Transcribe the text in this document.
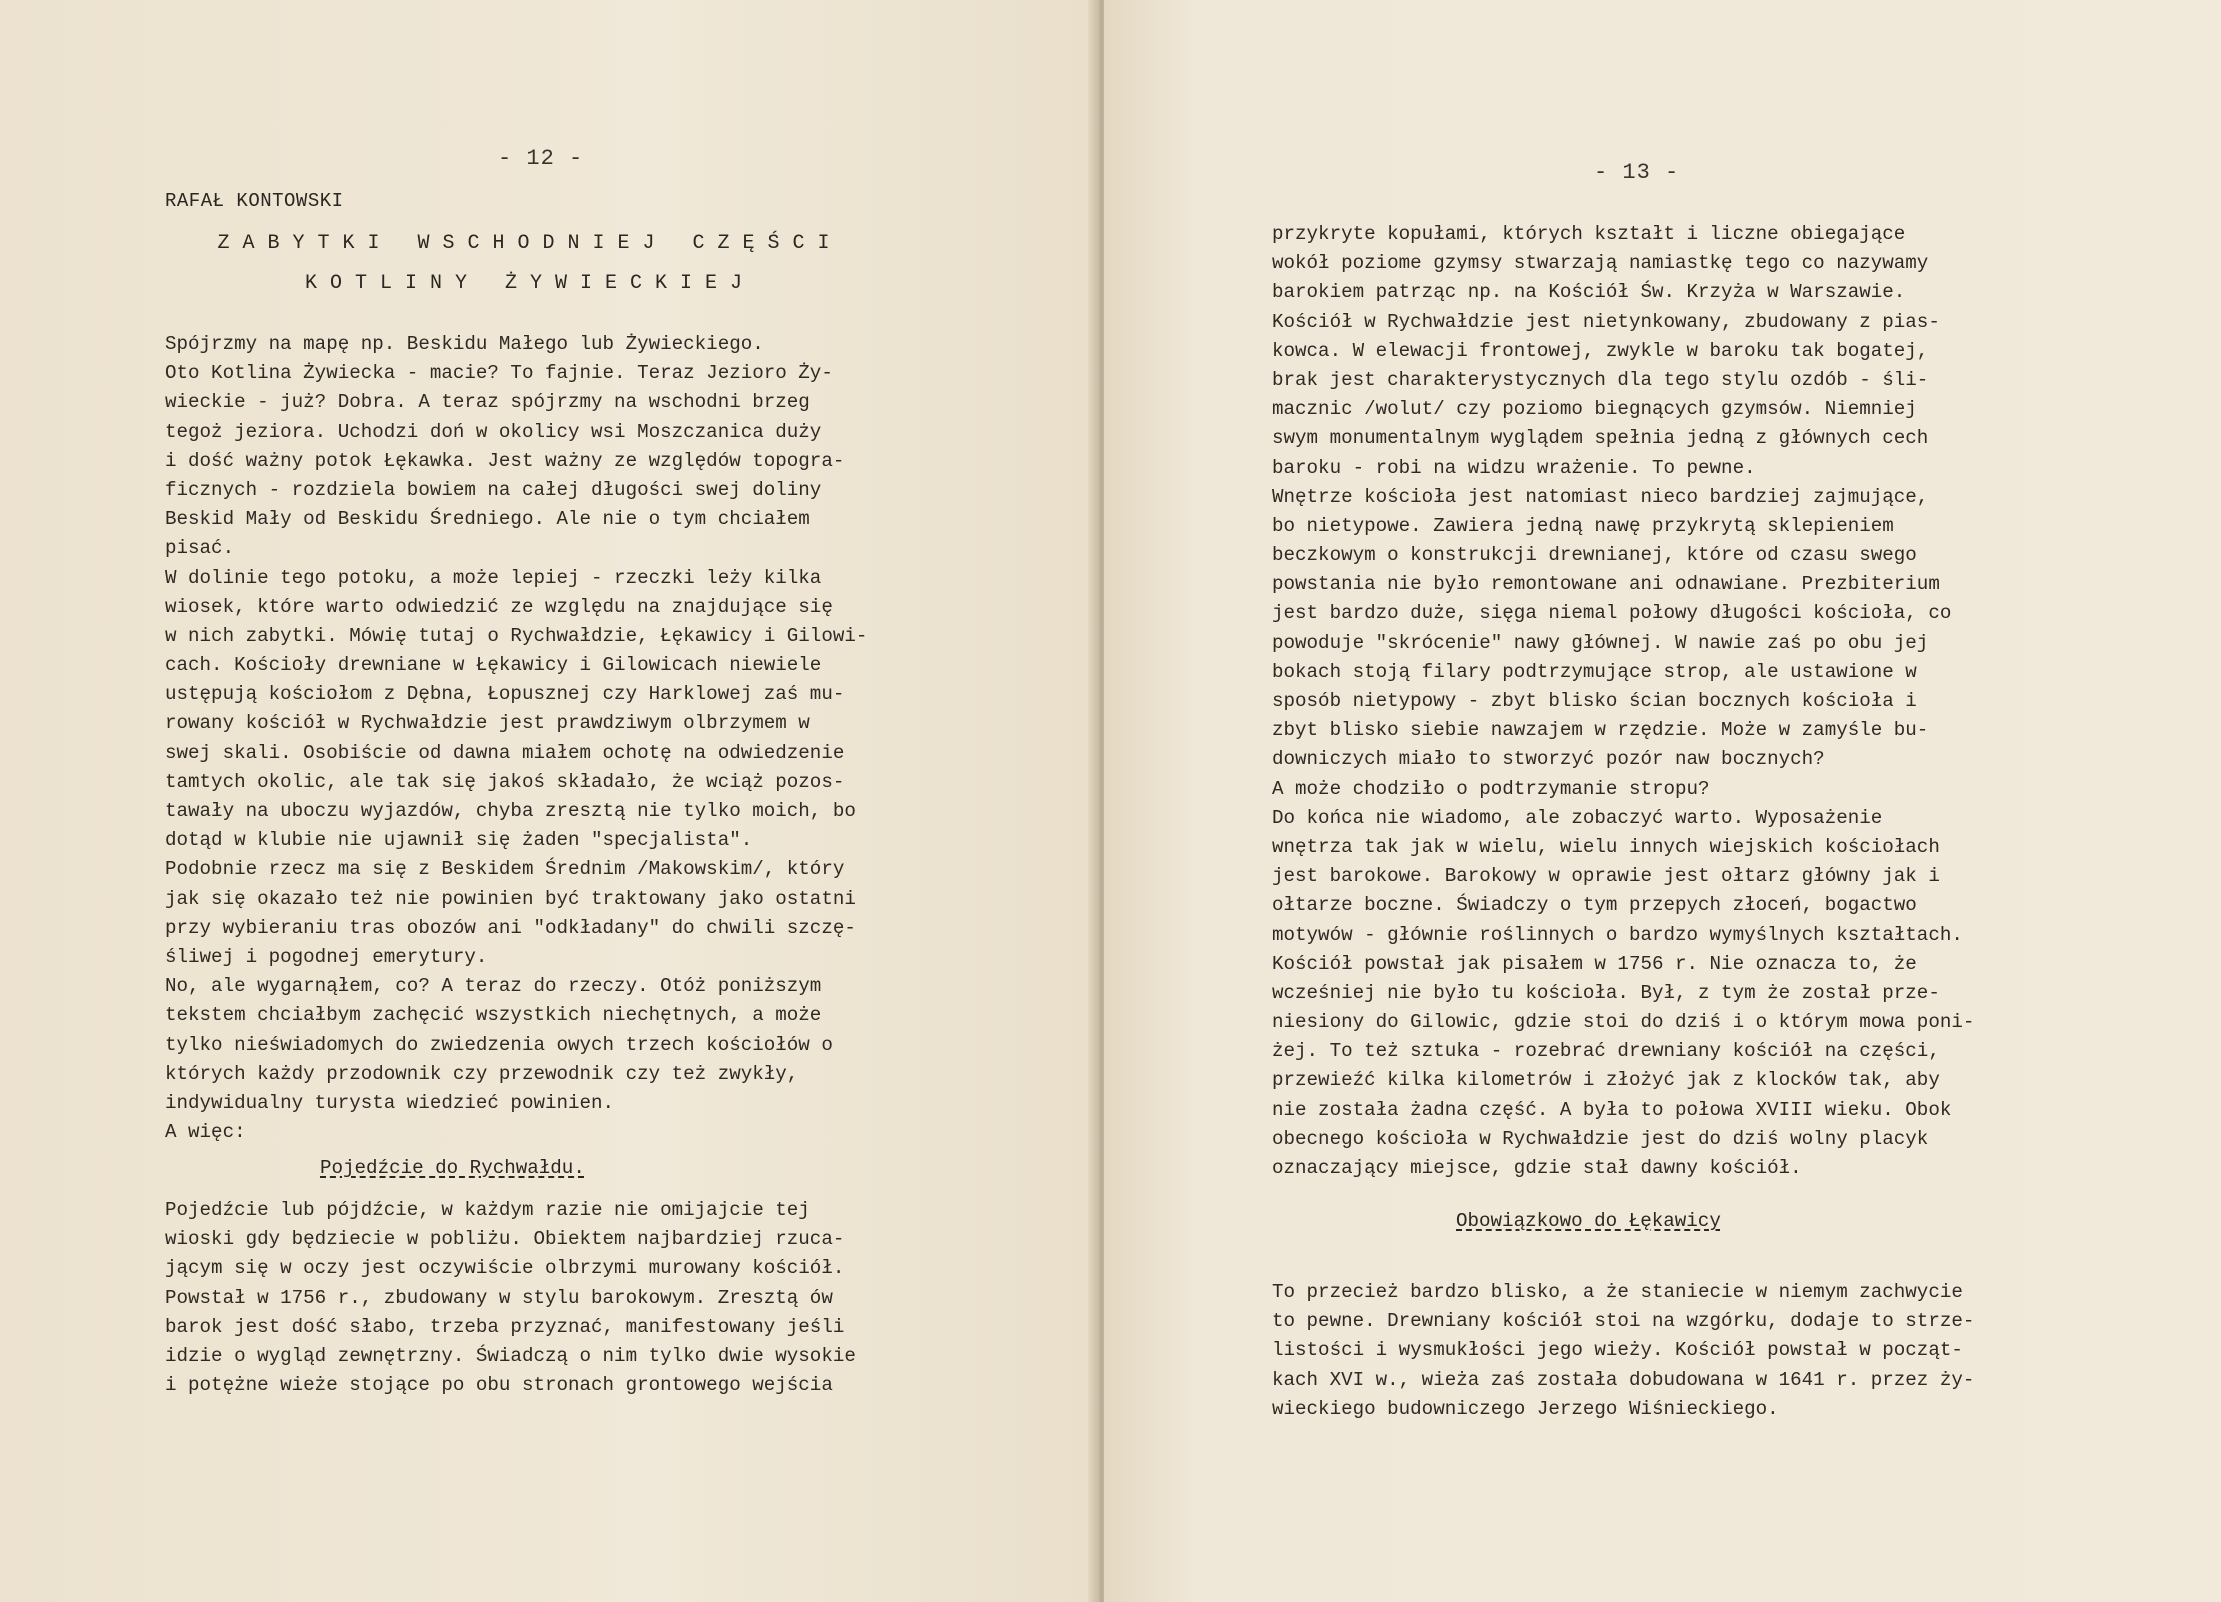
- 12 -
RAFAŁ KONTOWSKI
ZABYTKI WSCHODNIEJ CZĘŚCI
KOTLINY ŻYWIECKIEJ
Spójrzmy na mapę np. Beskidu Małego lub Żywieckiego.
Oto Kotlina Żywiecka - macie? To fajnie. Teraz Jezioro Ży-
wieckie - już? Dobra. A teraz spójrzmy na wschodni brzeg
tegoż jeziora. Uchodzi doń w okolicy wsi Moszczanica duży
i dość ważny potok Łękawka. Jest ważny ze względów topogra-
ficznych - rozdziela bowiem na całej długości swej doliny
Beskid Mały od Beskidu Średniego. Ale nie o tym chciałem
pisać.
W dolinie tego potoku, a może lepiej - rzeczki leży kilka
wiosek, które warto odwiedzić ze względu na znajdujące się
w nich zabytki. Mówię tutaj o Rychwałdzie, Łękawicy i Gilowi-
cach. Kościoły drewniane w Łękawicy i Gilowicach niewiele
ustępują kościołom z Dębna, Łopusznej czy Harklowej zaś mu-
rowany kościół w Rychwałdzie jest prawdziwym olbrzymem w
swej skali. Osobiście od dawna miałem ochotę na odwiedzenie
tamtych okolic, ale tak się jakoś składało, że wciąż pozos-
tawały na uboczu wyjazdów, chyba zresztą nie tylko moich, bo
dotąd w klubie nie ujawnił się żaden "specjalista".
Podobnie rzecz ma się z Beskidem Średnim /Makowskim/, który
jak się okazało też nie powinien być traktowany jako ostatni
przy wybieraniu tras obozów ani "odkładany" do chwili szczę-
śliwej i pogodnej emerytury.
No, ale wygarnąłem, co? A teraz do rzeczy. Otóż poniższym
tekstem chciałbym zachęcić wszystkich niechętnych, a może
tylko nieświadomych do zwiedzenia owych trzech kościołów o
których każdy przodownik czy przewodnik czy też zwykły,
indywidualny turysta wiedzieć powinien.
A więc:
Pojedźcie do Rychwałdu.
Pojedźcie lub pójdźcie, w każdym razie nie omijajcie tej
wioski gdy będziecie w pobliżu. Obiektem najbardziej rzuca-
jącym się w oczy jest oczywiście olbrzymi murowany kościół.
Powstał w 1756 r., zbudowany w stylu barokowym. Zresztą ów
barok jest dość słabo, trzeba przyznać, manifestowany jeśli
idzie o wygląd zewnętrzny. Świadczą o nim tylko dwie wysokie
i potężne wieże stojące po obu stronach grontowego wejścia
- 13 -
przykryte kopułami, których kształt i liczne obiegające
wokół poziome gzymsy stwarzają namiastkę tego co nazywamy
barokiem patrząc np. na Kościół Św. Krzyża w Warszawie.
Kościół w Rychwałdzie jest nietynkowany, zbudowany z pias-
kowca. W elewacji frontowej, zwykle w baroku tak bogatej,
brak jest charakterystycznych dla tego stylu ozdób - śli-
macznic /wolut/ czy poziomo biegnących gzymsów. Niemniej
swym monumentalnym wyglądem spełnia jedną z głównych cech
baroku - robi na widzu wrażenie. To pewne.
Wnętrze kościoła jest natomiast nieco bardziej zajmujące,
bo nietypowe. Zawiera jedną nawę przykrytą sklepieniem
beczkowym o konstrukcji drewnianej, które od czasu swego
powstania nie było remontowane ani odnawiane. Prezbiterium
jest bardzo duże, sięga niemal połowy długości kościoła, co
powoduje "skrócenie" nawy głównej. W nawie zaś po obu jej
bokach stoją filary podtrzymujące strop, ale ustawione w
sposób nietypowy - zbyt blisko ścian bocznych kościoła i
zbyt blisko siebie nawzajem w rzędzie. Może w zamyśle bu-
downiczych miało to stworzyć pozór naw bocznych?
A może chodziło o podtrzymanie stropu?
Do końca nie wiadomo, ale zobaczyć warto. Wyposażenie
wnętrza tak jak w wielu, wielu innych wiejskich kościołach
jest barokowe. Barokowy w oprawie jest ołtarz główny jak i
ołtarze boczne. Świadczy o tym przepych złoceń, bogactwo
motywów - głównie roślinnych o bardzo wymyślnych kształtach.
Kościół powstał jak pisałem w 1756 r. Nie oznacza to, że
wcześniej nie było tu kościoła. Był, z tym że został prze-
niesiony do Gilowic, gdzie stoi do dziś i o którym mowa poni-
żej. To też sztuka - rozebrać drewniany kościół na części,
przewieźć kilka kilometrów i złożyć jak z klocków tak, aby
nie została żadna część. A była to połowa XVIII wieku. Obok
obecnego kościoła w Rychwałdzie jest do dziś wolny placyk
oznaczający miejsce, gdzie stał dawny kościół.
Obowiązkowo do Łękawicy
To przecież bardzo blisko, a że staniecie w niemym zachwycie
to pewne. Drewniany kościół stoi na wzgórku, dodaje to strze-
listości i wysmukłości jego wieży. Kościół powstał w począt-
kach XVI w., wieża zaś została dobudowana w 1641 r. przez ży-
wieckiego budowniczego Jerzego Wiśnieckiego.
